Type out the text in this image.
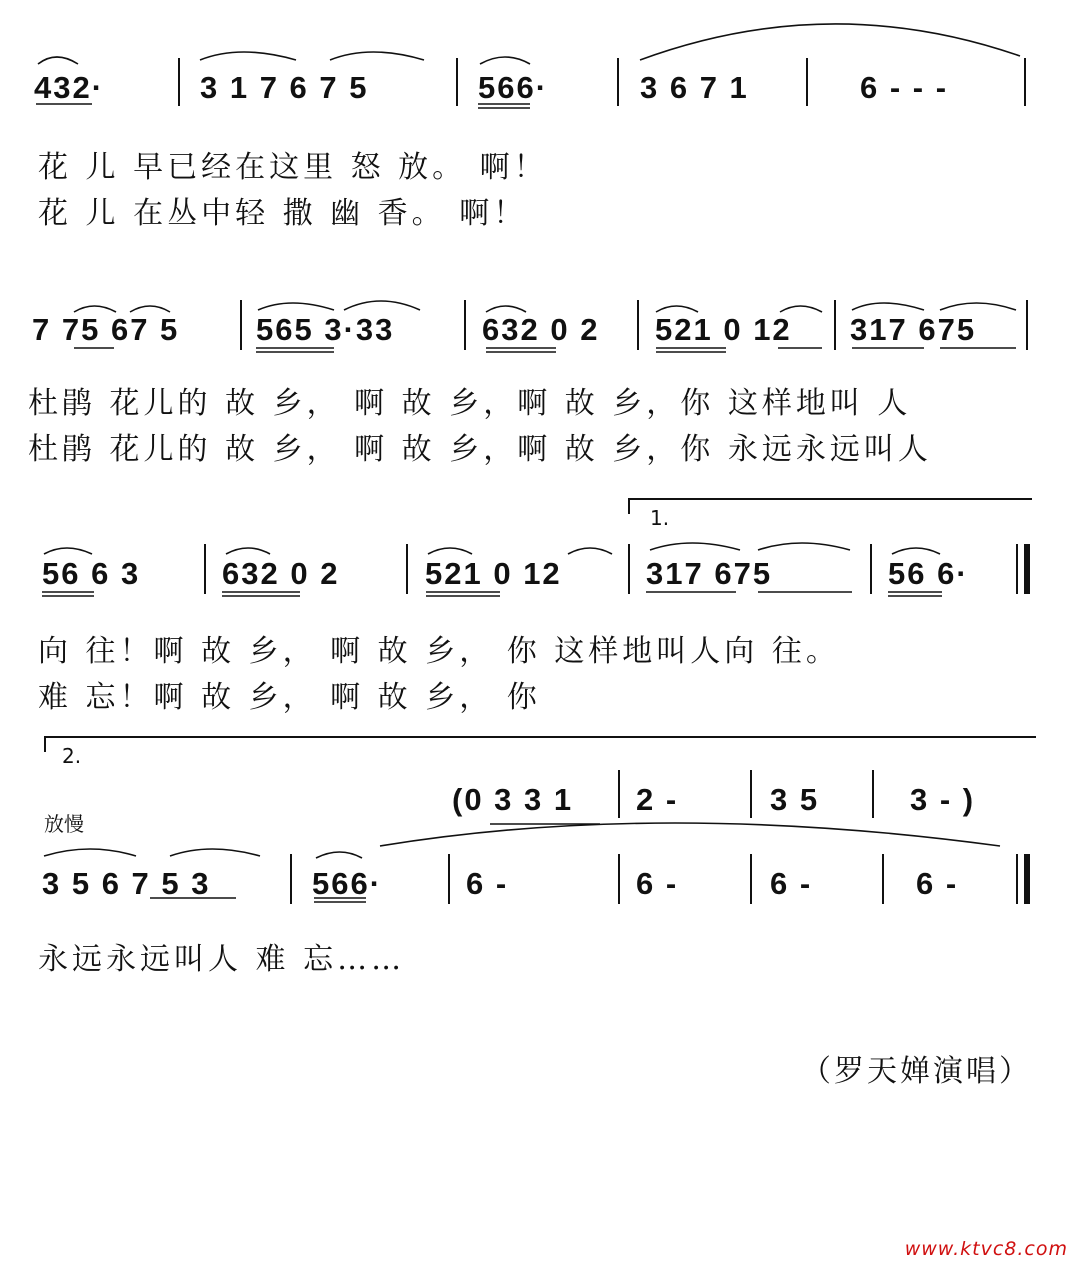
432·	3 1 7 6 7 5	566·	3 6 7 1	6 - - -
花 儿 早已经在这里 怒 放。 啊！
花 儿 在丛中轻 撒 幽 香。 啊！
7 75 67 5 565 3·33	632 0 2 521 0 12 317 675
杜鹃 花儿的 故 乡， 啊 故 乡，啊 故 乡，你 这样地叫 人
杜鹃 花儿的 故 乡， 啊 故 乡，啊 故 乡，你 永远永远叫人
1.
56 6 3	632 0 2	521 0 12	317 675	56 6·
向 往！啊 故 乡， 啊 故 乡， 你 这样地叫人向 往。
难 忘！啊 故 乡， 啊 故 乡， 你
2.
(0 3 3 1 2 -	3 5	3 - )
放慢
3 5 6 7 5 3	566·	6 -	6 -	6 -	6 -
永远永远叫人 难 忘……
（罗天婵演唱）
www.ktvc8.com
